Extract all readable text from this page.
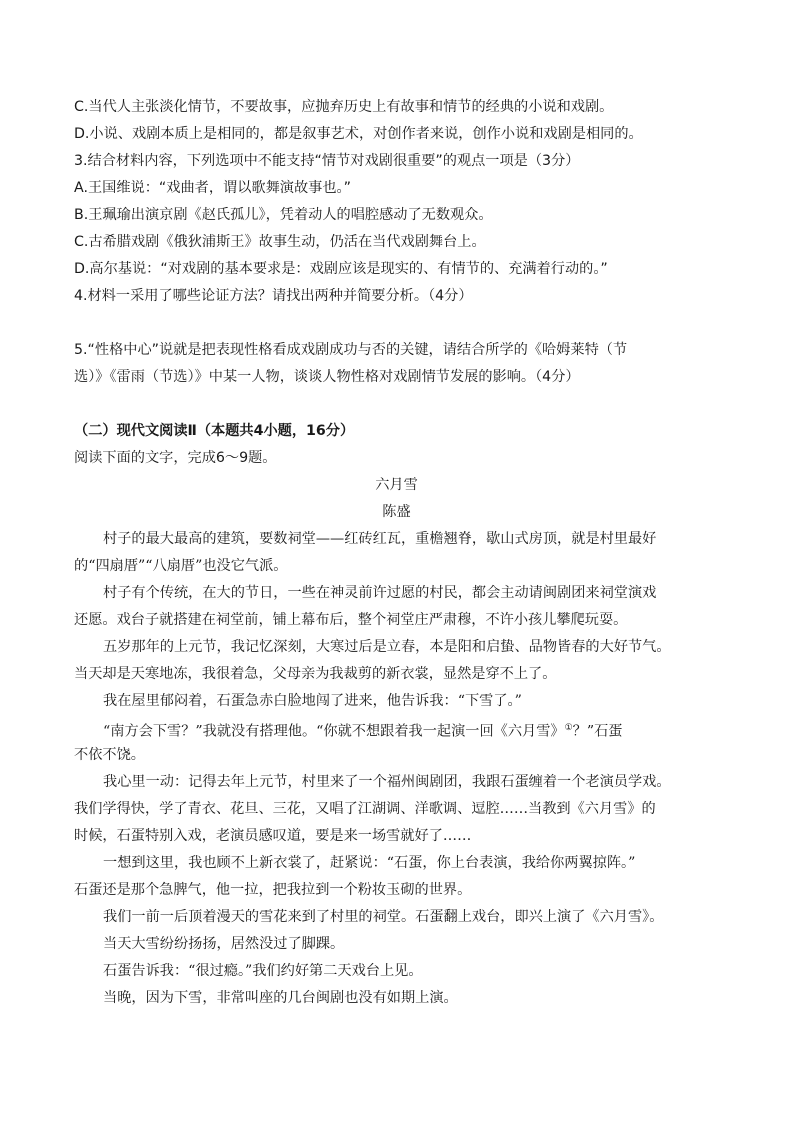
C.当代人主张淡化情节，不要故事，应抛弃历史上有故事和情节的经典的小说和戏剧。
D.小说、戏剧本质上是相同的，都是叙事艺术，对创作者来说，创作小说和戏剧是相同的。
3.结合材料内容，下列选项中不能支持“情节对戏剧很重要”的观点一项是（3分）
A.王国维说：“戏曲者，谓以歌舞演故事也。”
B.王珮瑜出演京剧《赵氏孤儿》，凭着动人的唱腔感动了无数观众。
C.古希腊戏剧《俄狄浦斯王》故事生动，仍活在当代戏剧舞台上。
D.高尔基说：“对戏剧的基本要求是：戏剧应该是现实的、有情节的、充满着行动的。”
4.材料一采用了哪些论证方法？请找出两种并简要分析。（4分）
5.“性格中心”说就是把表现性格看成戏剧成功与否的关键，请结合所学的《哈姆莱特（节
选）》《雷雨（节选）》中某一人物，谈谈人物性格对戏剧情节发展的影响。（4分）
（二）现代文阅读Ⅱ（本题共4小题，16分）
阅读下面的文字，完成6～9题。
六月雪
陈盛
村子的最大最高的建筑，要数祠堂——红砖红瓦，重檐翘脊，歇山式房顶，就是村里最好
的“四扇厝”“八扇厝”也没它气派。
村子有个传统，在大的节日，一些在神灵前许过愿的村民，都会主动请闽剧团来祠堂演戏
还愿。戏台子就搭建在祠堂前，铺上幕布后，整个祠堂庄严肃穆，不许小孩儿攀爬玩耍。
五岁那年的上元节，我记忆深刻，大寒过后是立春，本是阳和启蛰、品物皆春的大好节气。
当天却是天寒地冻，我很着急，父母亲为我裁剪的新衣裳，显然是穿不上了。
我在屋里郁闷着，石蛋急赤白脸地闯了进来，他告诉我：“下雪了。”
“南方会下雪？”我就没有搭理他。“你就不想跟着我一起演一回《六月雪》①？”石蛋
不依不饶。
我心里一动：记得去年上元节，村里来了一个福州闽剧团，我跟石蛋缠着一个老演员学戏。
我们学得快，学了青衣、花旦、三花，又唱了江湖调、洋歌调、逗腔……当教到《六月雪》的
时候，石蛋特别入戏，老演员感叹道，要是来一场雪就好了……
一想到这里，我也顾不上新衣裳了，赶紧说：“石蛋，你上台表演，我给你两翼掠阵。”
石蛋还是那个急脾气，他一拉，把我拉到一个粉妆玉砌的世界。
我们一前一后顶着漫天的雪花来到了村里的祠堂。石蛋翻上戏台，即兴上演了《六月雪》。
当天大雪纷纷扬扬，居然没过了脚踝。
石蛋告诉我：“很过瘾。”我们约好第二天戏台上见。
当晚，因为下雪，非常叫座的几台闽剧也没有如期上演。
